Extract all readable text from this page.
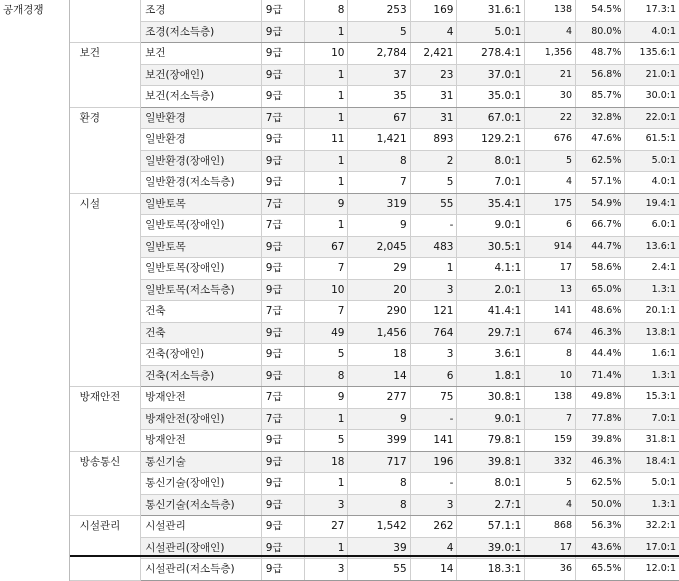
공개경쟁		조경	9급	8	253	169	31.6:1	138	54.5%	17.3:1
		조경(저소득층)	9급	1	5	4	5.0:1	4	80.0%	4.0:1
	보건	보건	9급	10	2,784	2,421	278.4:1	1,356	48.7%	135.6:1
		보건(장애인)	9급	1	37	23	37.0:1	21	56.8%	21.0:1
		보건(저소득층)	9급	1	35	31	35.0:1	30	85.7%	30.0:1
	환경	일반환경	7급	1	67	31	67.0:1	22	32.8%	22.0:1
		일반환경	9급	11	1,421	893	129.2:1	676	47.6%	61.5:1
		일반환경(장애인)	9급	1	8	2	8.0:1	5	62.5%	5.0:1
		일반환경(저소득층)	9급	1	7	5	7.0:1	4	57.1%	4.0:1
	시설	일반토목	7급	9	319	55	35.4:1	175	54.9%	19.4:1
		일반토목(장애인)	7급	1	9	-	9.0:1	6	66.7%	6.0:1
		일반토목	9급	67	2,045	483	30.5:1	914	44.7%	13.6:1
		일반토목(장애인)	9급	7	29	1	4.1:1	17	58.6%	2.4:1
		일반토목(저소득층)	9급	10	20	3	2.0:1	13	65.0%	1.3:1
		건축	7급	7	290	121	41.4:1	141	48.6%	20.1:1
		건축	9급	49	1,456	764	29.7:1	674	46.3%	13.8:1
		건축(장애인)	9급	5	18	3	3.6:1	8	44.4%	1.6:1
		건축(저소득층)	9급	8	14	6	1.8:1	10	71.4%	1.3:1
	방재안전	방재안전	7급	9	277	75	30.8:1	138	49.8%	15.3:1
		방재안전(장애인)	7급	1	9	-	9.0:1	7	77.8%	7.0:1
		방재안전	9급	5	399	141	79.8:1	159	39.8%	31.8:1
	방송통신	통신기술	9급	18	717	196	39.8:1	332	46.3%	18.4:1
		통신기술(장애인)	9급	1	8	-	8.0:1	5	62.5%	5.0:1
		통신기술(저소득층)	9급	3	8	3	2.7:1	4	50.0%	1.3:1
	시설관리	시설관리	9급	27	1,542	262	57.1:1	868	56.3%	32.2:1
		시설관리(장애인)	9급	1	39	4	39.0:1	17	43.6%	17.0:1
		시설관리(저소득층)	9급	3	55	14	18.3:1	36	65.5%	12.0:1
